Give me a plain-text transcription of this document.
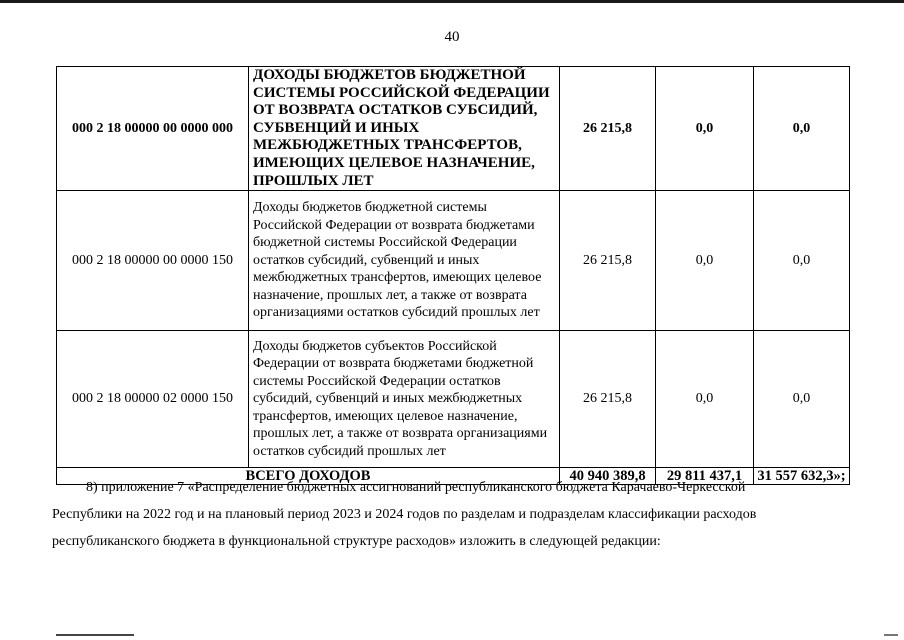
40
000 2 18 00000 00 0000 000	ДОХОДЫ БЮДЖЕТОВ БЮДЖЕТНОЙ СИСТЕМЫ РОССИЙСКОЙ ФЕДЕРАЦИИ ОТ ВОЗВРАТА ОСТАТКОВ СУБСИДИЙ, СУБВЕНЦИЙ И ИНЫХ МЕЖБЮДЖЕТНЫХ ТРАНСФЕРТОВ, ИМЕЮЩИХ ЦЕЛЕВОЕ НАЗНАЧЕНИЕ, ПРОШЛЫХ ЛЕТ	26 215,8	0,0	0,0
000 2 18 00000 00 0000 150	Доходы бюджетов бюджетной системы Российской Федерации от возврата бюджетами бюджетной системы Российской Федерации остатков субсидий, субвенций и иных межбюджетных трансфертов, имеющих целевое назначение, прошлых лет, а также от возврата организациями остатков субсидий прошлых лет	26 215,8	0,0	0,0
000 2 18 00000 02 0000 150	Доходы бюджетов субъектов Российской Федерации от возврата бюджетами бюджетной системы Российской Федерации остатков субсидий, субвенций и иных межбюджетных трансфертов, имеющих целевое назначение, прошлых лет, а также от возврата организациями остатков субсидий прошлых лет	26 215,8	0,0	0,0
ВСЕГО ДОХОДОВ		40 940 389,8	29 811 437,1	31 557 632,3»;
8) приложение 7 «Распределение бюджетных ассигнований республиканского бюджета Карачаево-Черкесской
Республики на 2022 год и на плановый период 2023 и 2024 годов по разделам и подразделам классификации расходов
республиканского бюджета в функциональной структуре расходов» изложить в следующей редакции:
